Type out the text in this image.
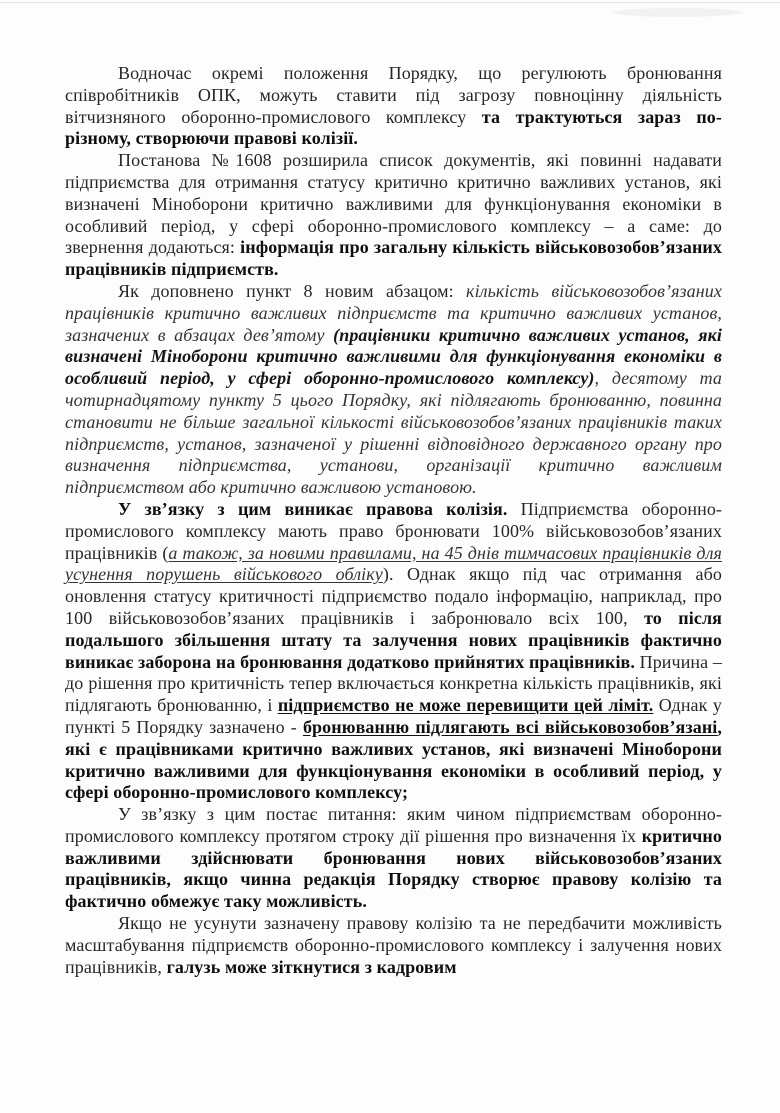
Водночас окремі положення Порядку, що регулюють бронювання співробітників ОПК, можуть ставити під загрозу повноцінну діяльність вітчизняного оборонно-промислового комплексу та трактуються зараз по-різному, створюючи правові колізії.

Постанова №1608 розширила список документів, які повинні надавати підприємства для отримання статусу критично критично важливих установ, які визначені Міноборони критично важливими для функціонування економіки в особливий період, у сфері оборонно-промислового комплексу – а саме: до звернення додаються: інформація про загальну кількість військовозобов’язаних працівників підприємств.

Як доповнено пункт 8 новим абзацом: кількість військовозобов’язаних працівників критично важливих підприємств та критично важливих установ, зазначених в абзацах дев’ятому (працівники критично важливих установ, які визначені Міноборони критично важливими для функціонування економіки в особливий період, у сфері оборонно-промислового комплексу), десятому та чотирнадцятому пункту 5 цього Порядку, які підлягають бронюванню, повинна становити не більше загальної кількості військовозобов’язаних працівників таких підприємств, установ, зазначеної у рішенні відповідного державного органу про визначення підприємства, установи, організації критично важливим підприємством або критично важливою установою.

У зв’язку з цим виникає правова колізія. Підприємства оборонно-промислового комплексу мають право бронювати 100% військовозобов’язаних працівників (а також, за новими правилами, на 45 днів тимчасових працівників для усунення порушень військового обліку). Однак якщо під час отримання або оновлення статусу критичності підприємство подало інформацію, наприклад, про 100 військовозобов’язаних працівників і забронювало всіх 100, то після подальшого збільшення штату та залучення нових працівників фактично виникає заборона на бронювання додатково прийнятих працівників. Причина – до рішення про критичність тепер включається конкретна кількість працівників, які підлягають бронюванню, і підприємство не може перевищити цей ліміт. Однак у пункті 5 Порядку зазначено - бронюванню підлягають всі військовозобов’язані, які є працівниками критично важливих установ, які визначені Міноборони критично важливими для функціонування економіки в особливий період, у сфері оборонно-промислового комплексу;

У зв’язку з цим постає питання: яким чином підприємствам оборонно-промислового комплексу протягом строку дії рішення про визначення їх критично важливими здійснювати бронювання нових військовозобов’язаних працівників, якщо чинна редакція Порядку створює правову колізію та фактично обмежує таку можливість.

Якщо не усунути зазначену правову колізію та не передбачити можливість масштабування підприємств оборонно-промислового комплексу і залучення нових працівників, галузь може зіткнутися з кадровим
